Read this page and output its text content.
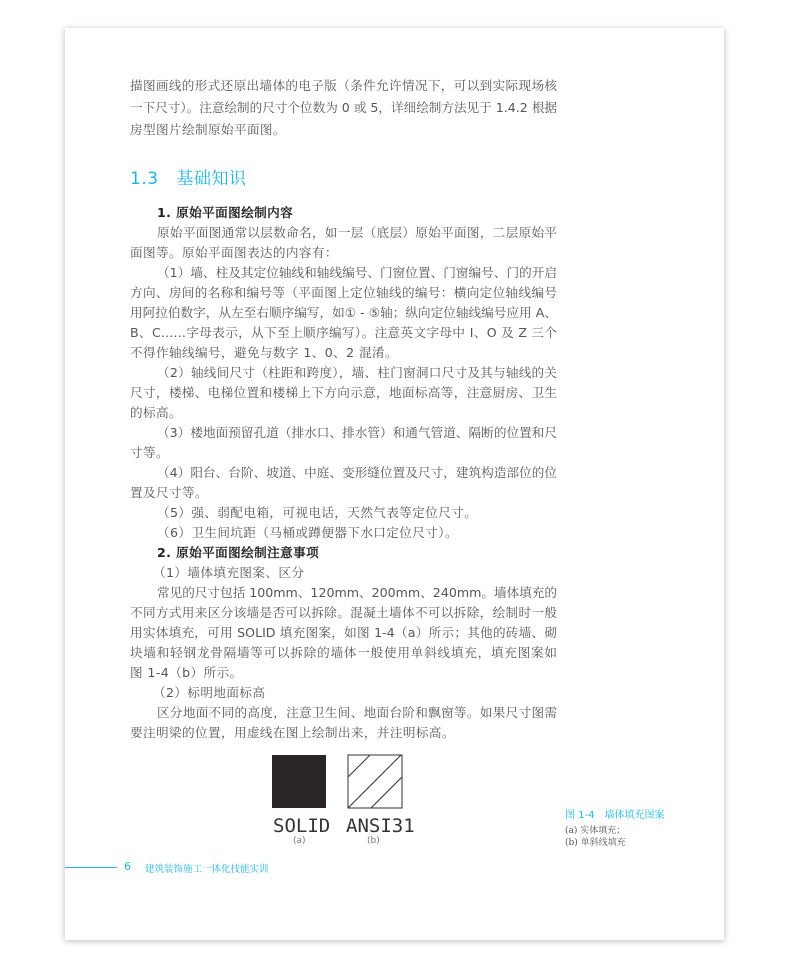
描图画线的形式还原出墙体的电子版（条件允许情况下，可以到实际现场核
一下尺寸）。注意绘制的尺寸个位数为 0 或 5，详细绘制方法见于 1.4.2 根据
房型图片绘制原始平面图。
1. 原始平面图绘制内容
原始平面图通常以层数命名，如一层（底层）原始平面图，二层原始平
面图等。原始平面图表达的内容有：
（1）墙、柱及其定位轴线和轴线编号、门窗位置、门窗编号、门的开启
方向、房间的名称和编号等（平面图上定位轴线的编号：横向定位轴线编号
用阿拉伯数字，从左至右顺序编写，如① - ⑤轴；纵向定位轴线编号应用 A、
B、C……字母表示，从下至上顺序编写）。注意英文字母中 I、O 及 Z 三个
不得作轴线编号，避免与数字 1、0、2 混淆。
（2）轴线间尺寸（柱距和跨度），墙、柱门窗洞口尺寸及其与轴线的关
尺寸，楼梯、电梯位置和楼梯上下方向示意，地面标高等，注意厨房、卫生
的标高。
（3）楼地面预留孔道（排水口、排水管）和通气管道、隔断的位置和尺
寸等。
（4）阳台、台阶、坡道、中庭、变形缝位置及尺寸，建筑构造部位的位
置及尺寸等。
（5）强、弱配电箱，可视电话，天然气表等定位尺寸。
（6）卫生间坑距（马桶或蹲便器下水口定位尺寸）。
2. 原始平面图绘制注意事项
（1）墙体填充图案、区分
常见的尺寸包括 100mm、120mm、200mm、240mm。墙体填充的
不同方式用来区分该墙是否可以拆除。混凝土墙体不可以拆除，绘制时一般
用实体填充，可用 SOLID 填充图案，如图 1-4（a）所示；其他的砖墙、砌
块墙和轻钢龙骨隔墙等可以拆除的墙体一般使用单斜线填充，填充图案如
图 1-4（b）所示。
（2）标明地面标高
区分地面不同的高度，注意卫生间、地面台阶和飘窗等。如果尺寸图需
要注明梁的位置，用虚线在图上绘制出来，并注明标高。
1.3 基础知识
SOLID
(a)
ANSI31
(b)
图 1-4　墙体填充图案
(a) 实体填充；
(b) 单斜线填充
6 建筑装饰施工一体化技能实训
